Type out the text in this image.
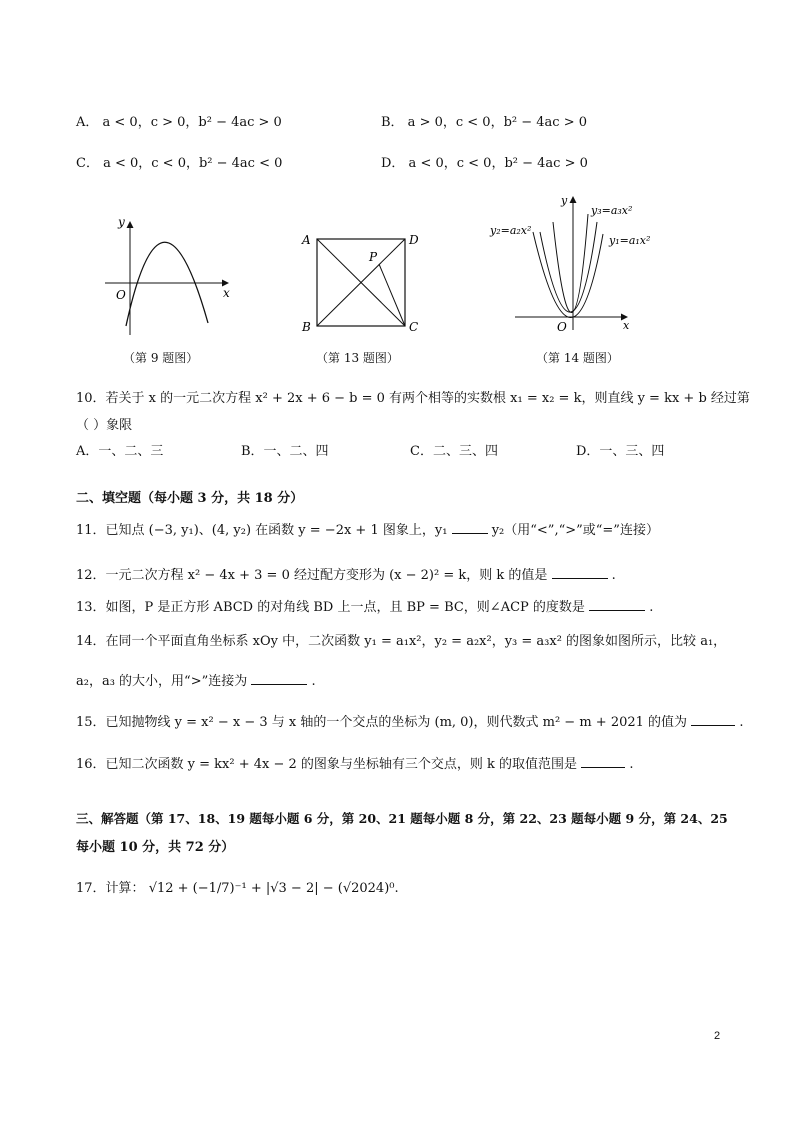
A． a < 0，c > 0，b² − 4ac > 0	B． a > 0，c < 0，b² − 4ac > 0
C． a < 0，c < 0，b² − 4ac < 0	D． a < 0，c < 0，b² − 4ac > 0
y
x
O
（第 9 题图）
A	D
B	C
P
（第 13 题图）
y
x
O
y₃=a₃x²
y₂=a₂x²
y₁=a₁x²
（第 14 题图）
10．若关于 x 的一元二次方程 x² + 2x + 6 − b = 0 有两个相等的实数根 x₁ = x₂ = k，则直线 y = kx + b 经过第
（ ）象限
A．一、二、三	B．一、二、四	C．二、三、四	D．一、三、四
二、填空题（每小题 3 分，共 18 分）
11．已知点 (−3, y₁)、(4, y₂) 在函数 y = −2x + 1 图象上，y₁	y₂（用“<”,“>”或“=”连接）
12．一元二次方程 x² − 4x + 3 = 0 经过配方变形为 (x − 2)² = k，则 k 的值是	.
13．如图，P 是正方形 ABCD 的对角线 BD 上一点，且 BP = BC，则∠ACP 的度数是	.
14．在同一个平面直角坐标系 xOy 中，二次函数 y₁ = a₁x²，y₂ = a₂x²，y₃ = a₃x² 的图象如图所示，比较 a₁，
a₂，a₃ 的大小，用“>”连接为	.
15．已知抛物线 y = x² − x − 3 与 x 轴的一个交点的坐标为 (m, 0)，则代数式 m² − m + 2021 的值为	.
16．已知二次函数 y = kx² + 4x − 2 的图象与坐标轴有三个交点，则 k 的取值范围是	.
三、解答题（第 17、18、19 题每小题 6 分，第 20、21 题每小题 8 分，第 22、23 题每小题 9 分，第 24、25
每小题 10 分，共 72 分）
17．计算： √12 + (−1/7)⁻¹ + |√3 − 2| − (√2024)⁰.
2
